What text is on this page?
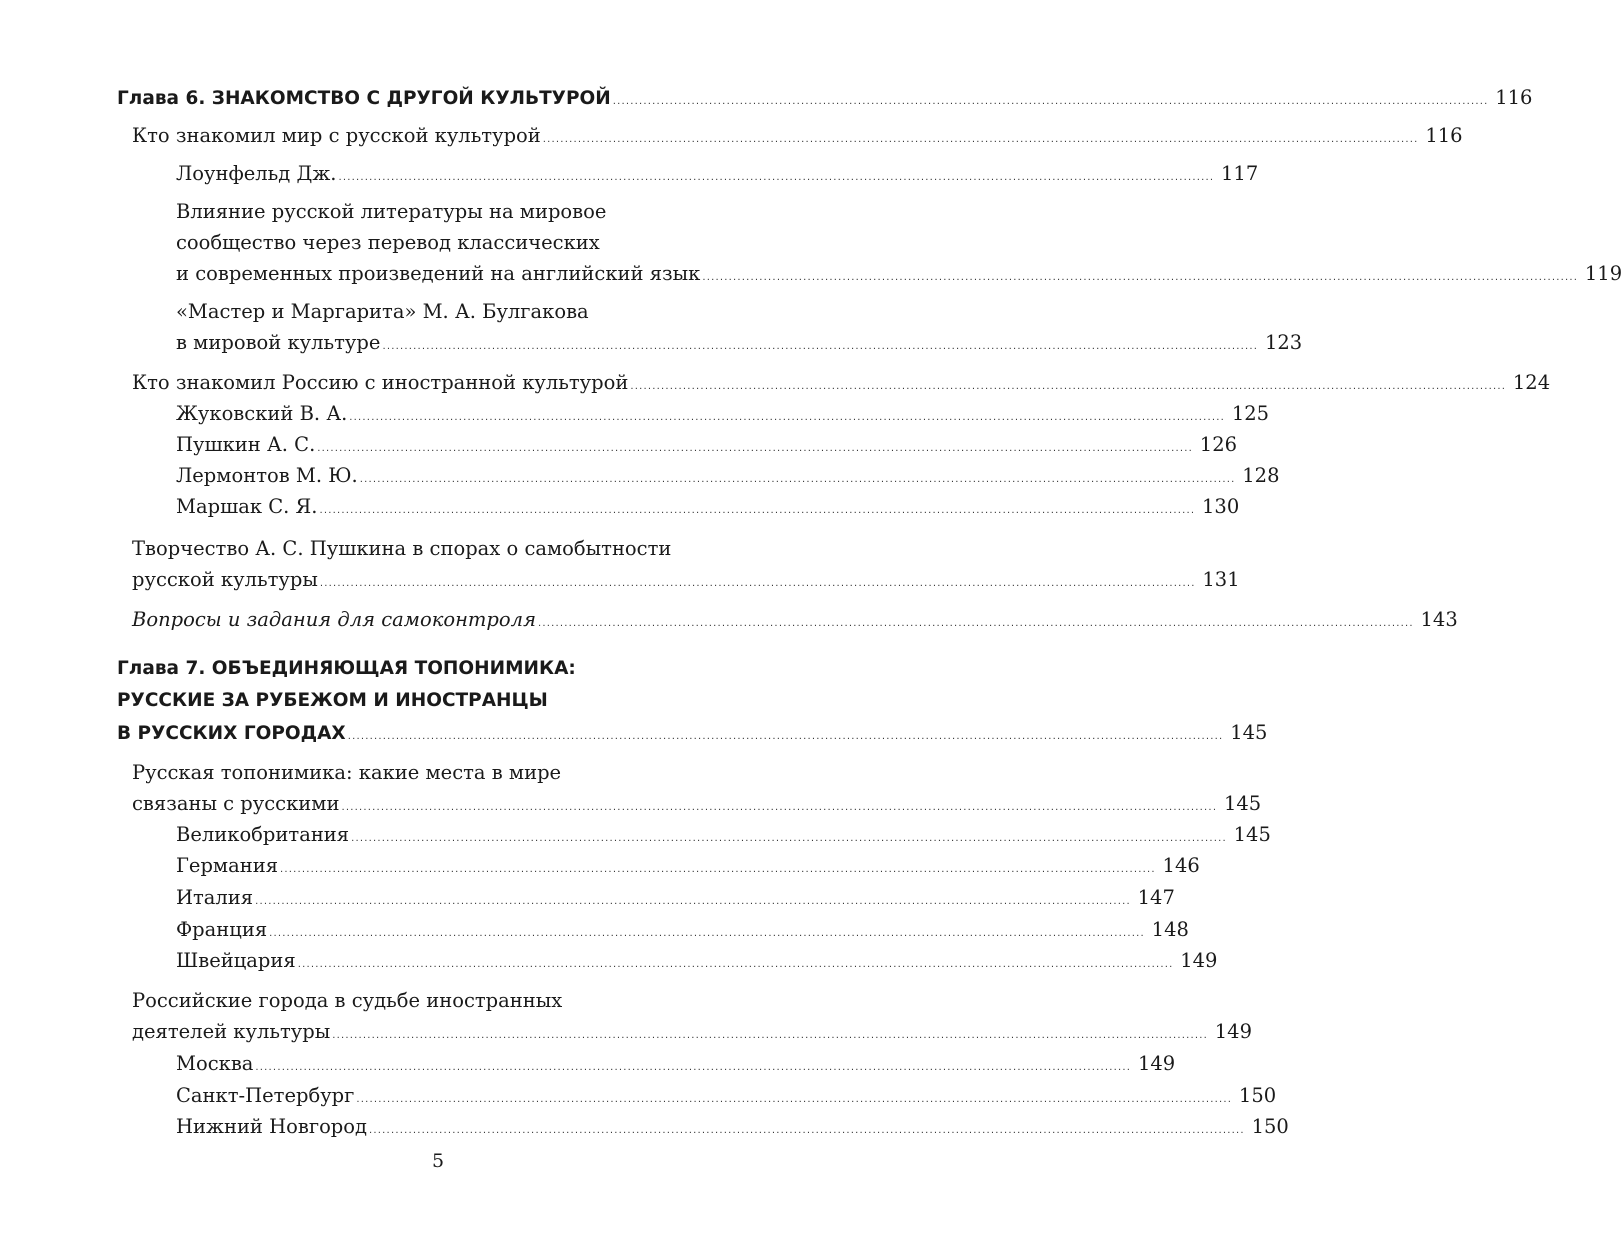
Глава 6. ЗНАКОМСТВО С ДРУГОЙ КУЛЬТУРОЙ ........................................................................................................................................................................................................ 116
Кто знакомил мир с русской культурой ........................................................................................................................................................................................................ 116
Лоунфельд Дж. ........................................................................................................................................................................................................ 117
Влияние русской литературы на мировое
сообщество через перевод классических
и современных произведений на английский язык ........................................................................................................................................................................................................ 119
«Мастер и Маргарита» М. А. Булгакова
в мировой культуре ........................................................................................................................................................................................................ 123
Кто знакомил Россию с иностранной культурой ........................................................................................................................................................................................................ 124
Жуковский В. А. ........................................................................................................................................................................................................ 125
Пушкин А. С. ........................................................................................................................................................................................................ 126
Лермонтов М. Ю. ........................................................................................................................................................................................................ 128
Маршак С. Я. ........................................................................................................................................................................................................ 130
Творчество А. С. Пушкина в спорах о самобытности
русской культуры ........................................................................................................................................................................................................ 131
Вопросы и задания для самоконтроля ........................................................................................................................................................................................................ 143
Глава 7. ОБЪЕДИНЯЮЩАЯ ТОПОНИМИКА:
РУССКИЕ ЗА РУБЕЖОМ И ИНОСТРАНЦЫ
В РУССКИХ ГОРОДАХ ........................................................................................................................................................................................................ 145
Русская топонимика: какие места в мире
связаны с русскими ........................................................................................................................................................................................................ 145
Великобритания ........................................................................................................................................................................................................ 145
Германия ........................................................................................................................................................................................................ 146
Италия ........................................................................................................................................................................................................ 147
Франция ........................................................................................................................................................................................................ 148
Швейцария ........................................................................................................................................................................................................ 149
Российские города в судьбе иностранных
деятелей культуры ........................................................................................................................................................................................................ 149
Москва ........................................................................................................................................................................................................ 149
Санкт-Петербург ........................................................................................................................................................................................................ 150
Нижний Новгород ........................................................................................................................................................................................................ 150
5
